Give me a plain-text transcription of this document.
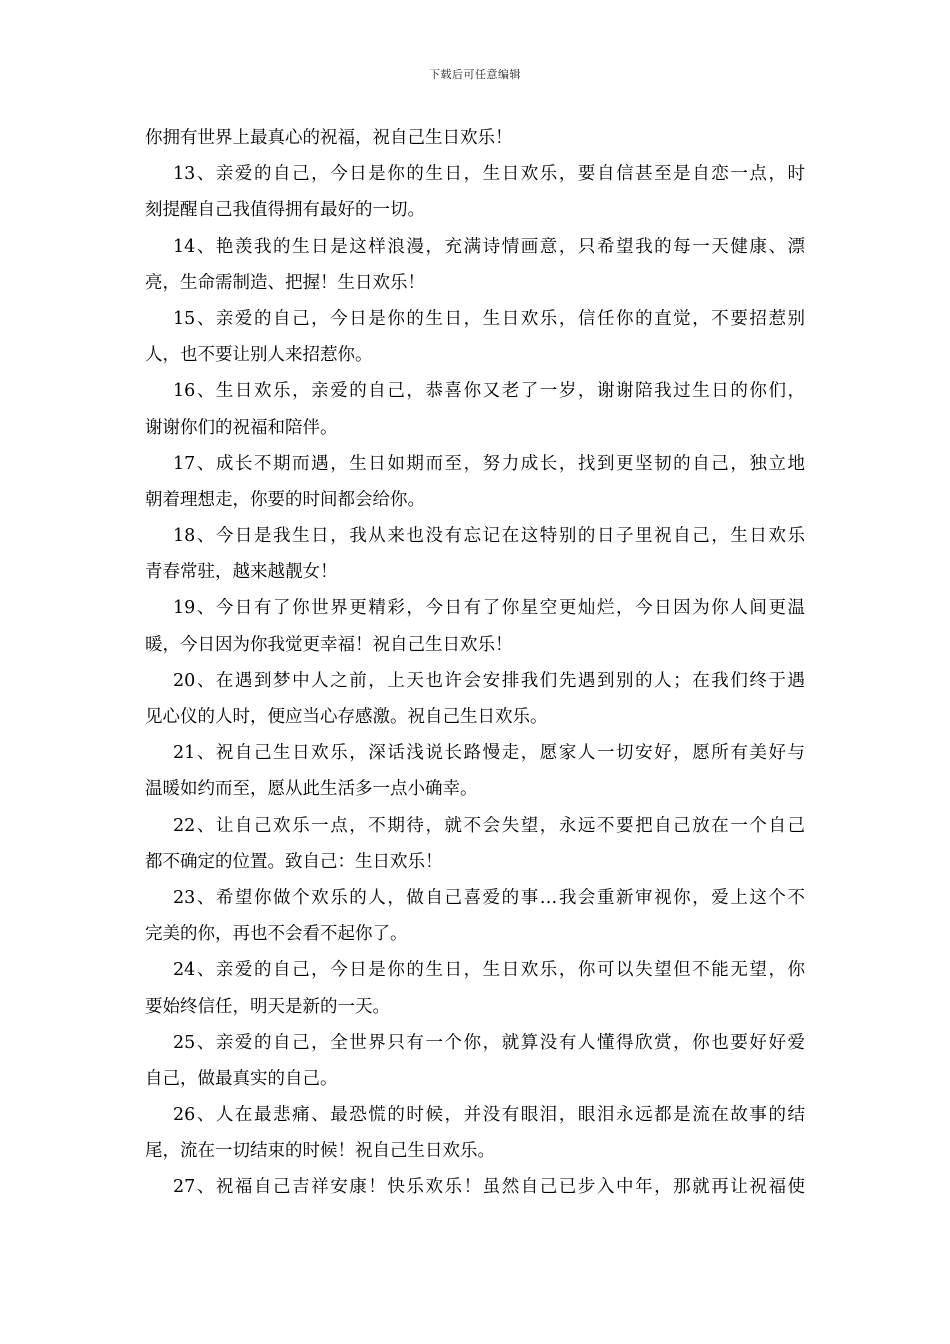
下载后可任意编辑
你拥有世界上最真心的祝福，祝自己生日欢乐！
13、亲爱的自己，今日是你的生日，生日欢乐，要自信甚至是自恋一点，时
刻提醒自己我值得拥有最好的一切。
14、艳羡我的生日是这样浪漫，充满诗情画意，只希望我的每一天健康、漂
亮，生命需制造、把握！生日欢乐！
15、亲爱的自己，今日是你的生日，生日欢乐，信任你的直觉，不要招惹别
人，也不要让别人来招惹你。
16、生日欢乐，亲爱的自己，恭喜你又老了一岁，谢谢陪我过生日的你们，
谢谢你们的祝福和陪伴。
17、成长不期而遇，生日如期而至，努力成长，找到更坚韧的自己，独立地
朝着理想走，你要的时间都会给你。
18、今日是我生日，我从来也没有忘记在这特别的日子里祝自己，生日欢乐
青春常驻，越来越靓女！
19、今日有了你世界更精彩，今日有了你星空更灿烂，今日因为你人间更温
暖，今日因为你我觉更幸福！祝自己生日欢乐！
20、在遇到梦中人之前，上天也许会安排我们先遇到别的人；在我们终于遇
见心仪的人时，便应当心存感激。祝自己生日欢乐。
21、祝自己生日欢乐，深话浅说长路慢走，愿家人一切安好，愿所有美好与
温暖如约而至，愿从此生活多一点小确幸。
22、让自己欢乐一点，不期待，就不会失望，永远不要把自己放在一个自己
都不确定的位置。致自己：生日欢乐！
23、希望你做个欢乐的人，做自己喜爱的事…我会重新审视你，爱上这个不
完美的你，再也不会看不起你了。
24、亲爱的自己，今日是你的生日，生日欢乐，你可以失望但不能无望，你
要始终信任，明天是新的一天。
25、亲爱的自己，全世界只有一个你，就算没有人懂得欣赏，你也要好好爱
自己，做最真实的自己。
26、人在最悲痛、最恐慌的时候，并没有眼泪，眼泪永远都是流在故事的结
尾，流在一切结束的时候！祝自己生日欢乐。
27、祝福自己吉祥安康！快乐欢乐！虽然自己已步入中年，那就再让祝福使
